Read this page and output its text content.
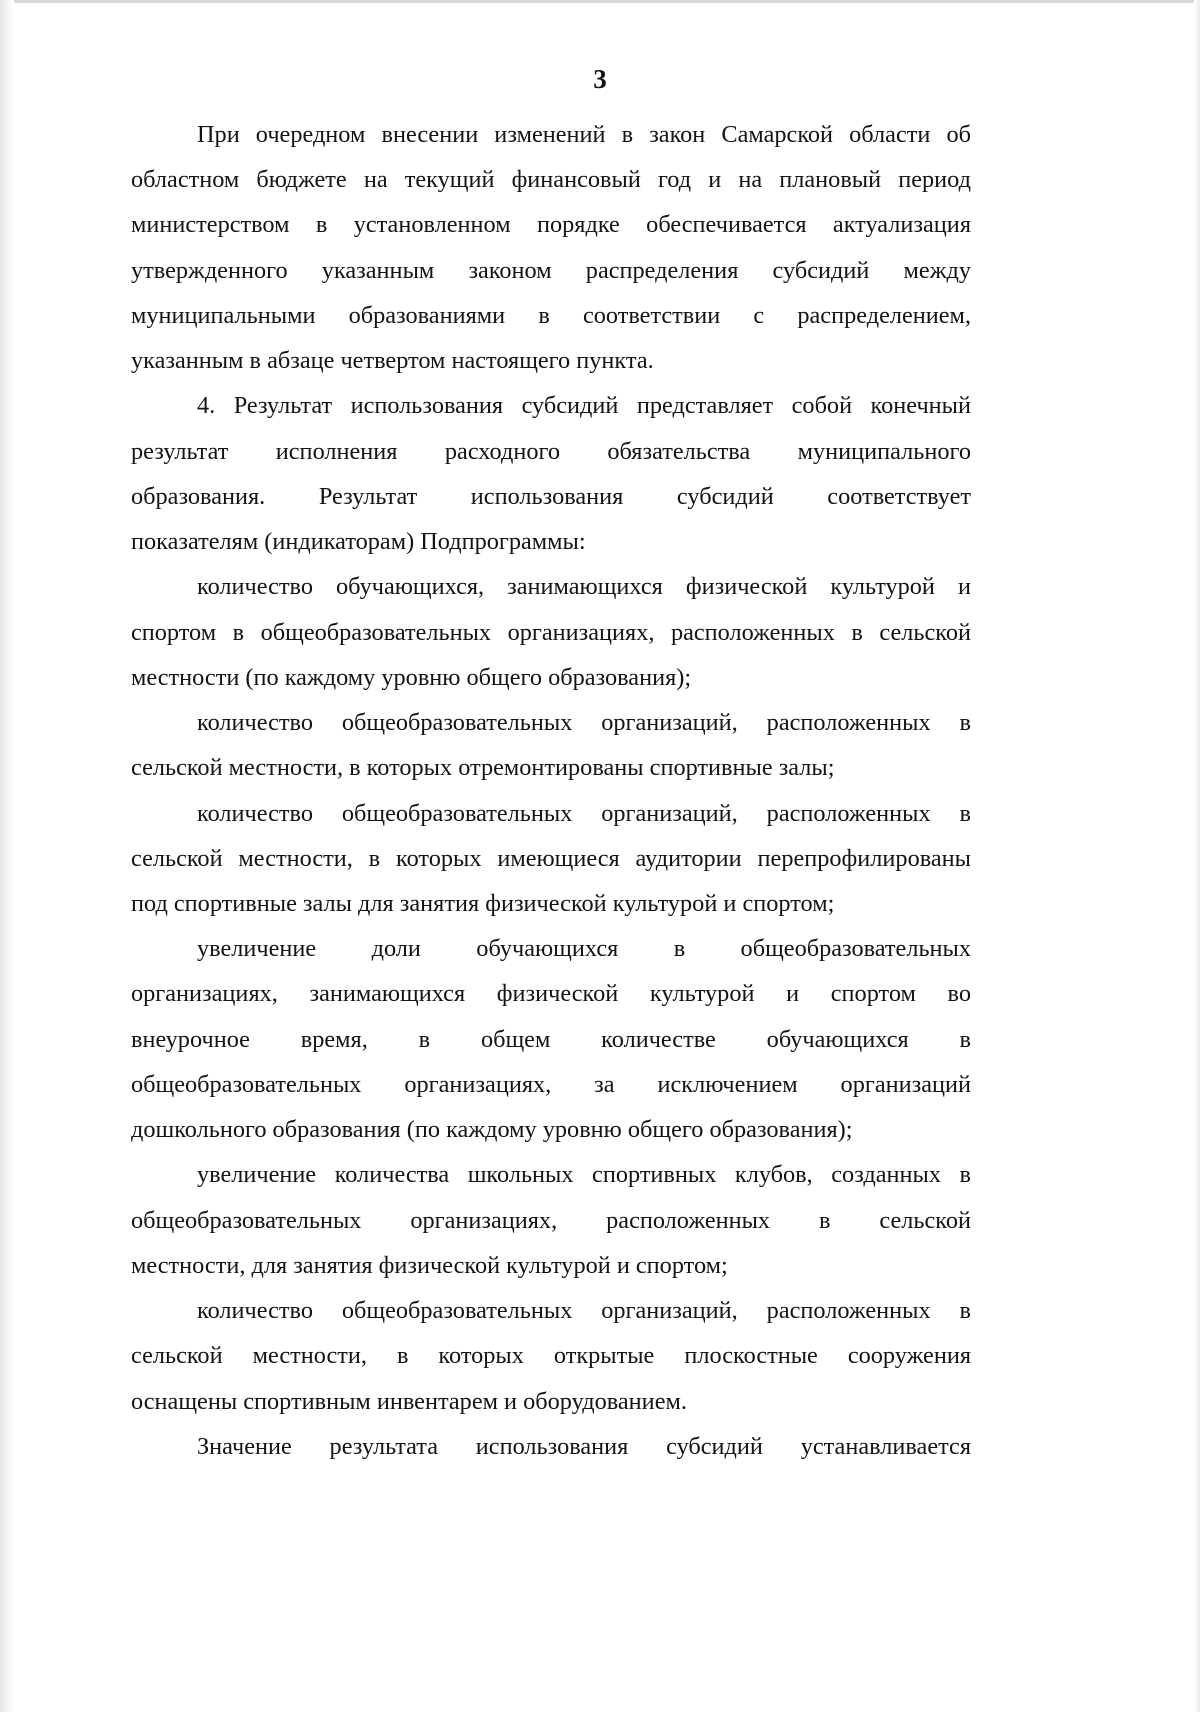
3
При очередном внесении изменений в закон Самарской области об
областном бюджете на текущий финансовый год и на плановый период
министерством в установленном порядке обеспечивается актуализация
утвержденного указанным законом распределения субсидий между
муниципальными образованиями в соответствии с распределением,
указанным в абзаце четвертом настоящего пункта.
4. Результат использования субсидий представляет собой конечный
результат исполнения расходного обязательства муниципального
образования. Результат использования субсидий соответствует
показателям (индикаторам) Подпрограммы:
количество обучающихся, занимающихся физической культурой и
спортом в общеобразовательных организациях, расположенных в сельской
местности (по каждому уровню общего образования);
количество общеобразовательных организаций, расположенных в
сельской местности, в которых отремонтированы спортивные залы;
количество общеобразовательных организаций, расположенных в
сельской местности, в которых имеющиеся аудитории перепрофилированы
под спортивные залы для занятия физической культурой и спортом;
увеличение доли обучающихся в общеобразовательных
организациях, занимающихся физической культурой и спортом во
внеурочное время, в общем количестве обучающихся в
общеобразовательных организациях, за исключением организаций
дошкольного образования (по каждому уровню общего образования);
увеличение количества школьных спортивных клубов, созданных в
общеобразовательных организациях, расположенных в сельской
местности, для занятия физической культурой и спортом;
количество общеобразовательных организаций, расположенных в
сельской местности, в которых открытые плоскостные сооружения
оснащены спортивным инвентарем и оборудованием.
Значение результата использования субсидий устанавливается
